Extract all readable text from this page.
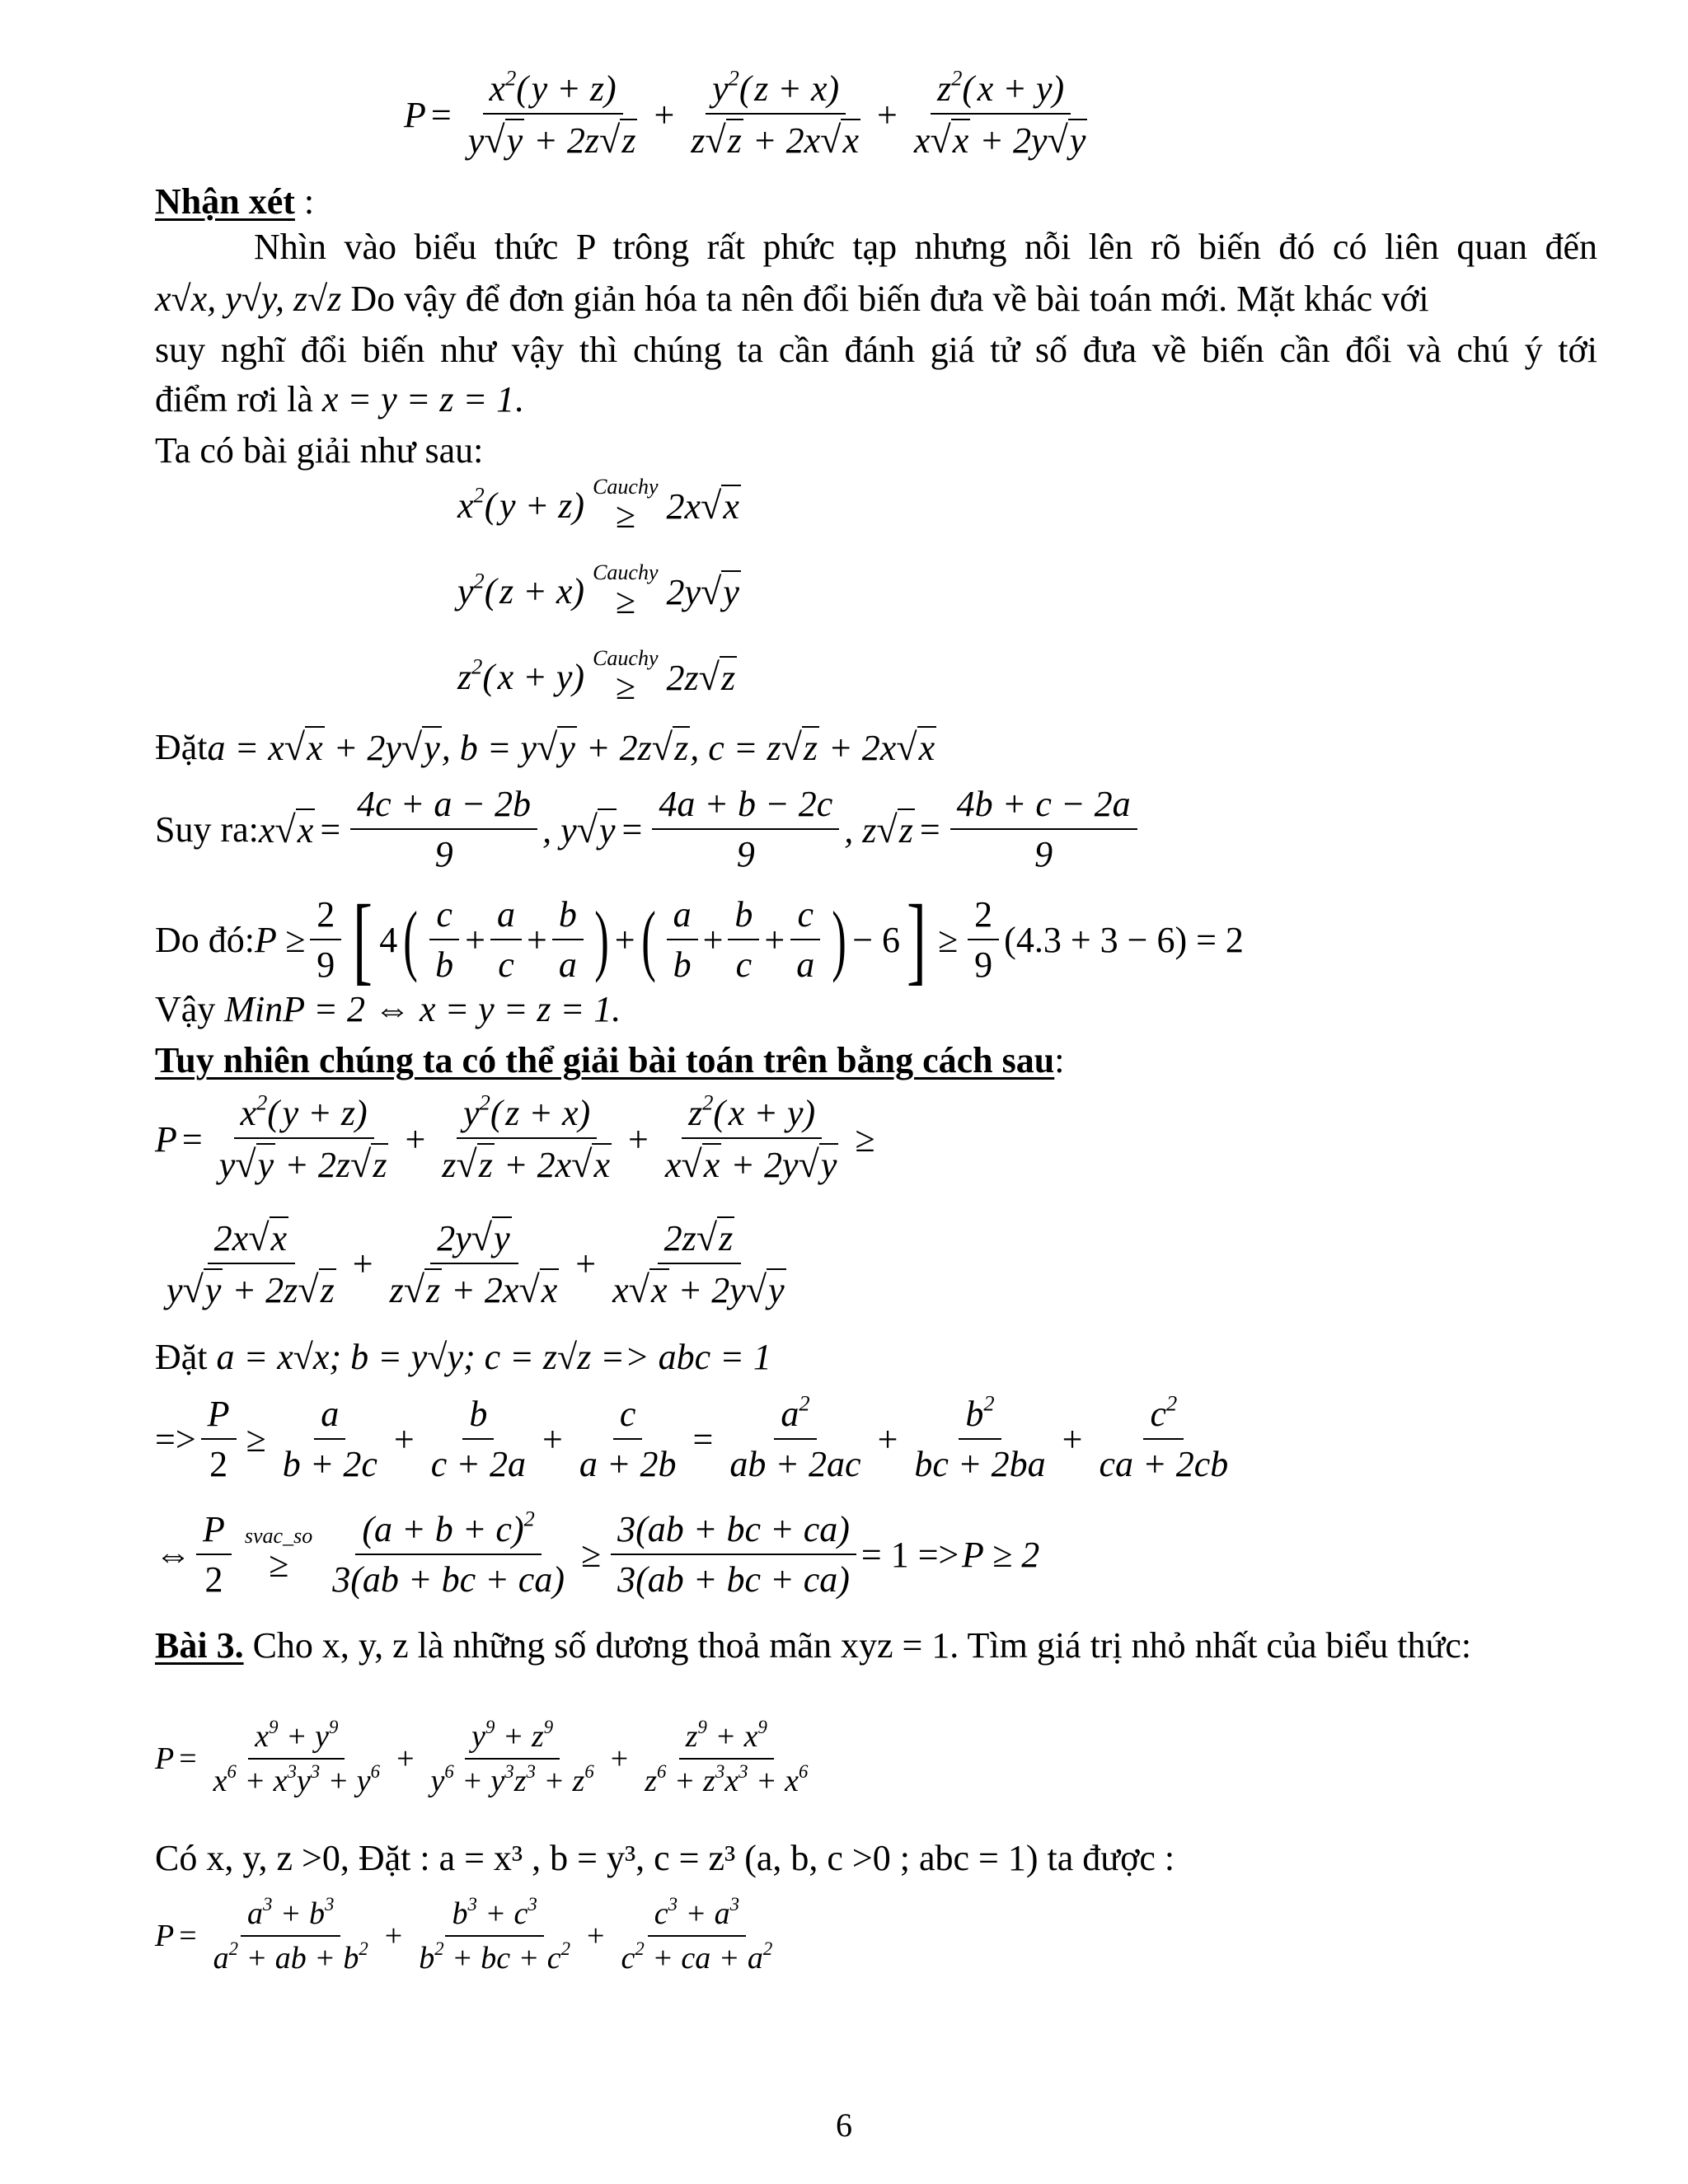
$P = \frac{x^2( y + z)}{y√y + 2z√z} + \frac{y^2( z + x)}{z√z + 2x√x} + \frac{z^2( x + y)}{x√x + 2y√y}$
Nhận xét :
Nhìn vào biểu thức P trông rất phức tạp nhưng nỗi lên rõ biến đó có liên quan đến
x√x, y√y, z√z Do vậy để đơn giản hóa ta nên đổi biến đưa về bài toán mới. Mặt khác với
suy nghĩ đổi biến như vậy thì chúng ta cần đánh giá tử số đưa về biến cần đổi và chú ý tới
điểm rơi là x = y = z = 1.
Ta có bài giải như sau:
$x^2$( y + z) Cauchy
≥ 2x√x
$y^2$( z + x) Cauchy
≥ 2y√y
$z^2$( x + y) Cauchy
≥ 2z√z
Đặt a = x√x + 2y√y, b = y√y + 2z√z, c = z√z + 2x√x
Suy ra: $x√x = \frac{4c + a - 2b}{9}$ , $y√y = \frac{4a + b - 2c}{9}$ , $z√z = \frac{4b + c - 2a}{9}$
Do đó: $P \ge \frac{2}{9}$ [ 4 ( $\frac{c}{b} + \frac{a}{c} + \frac{b}{a}$ ) + ( $\frac{a}{b} + \frac{b}{c} + \frac{c}{a}$ ) − 6 ] ≥ $\frac{2}{9} (4.3 + 3 - 6) = 2$
Vậy MinP = 2 ⇔ x = y = z = 1.
Tuy nhiên chúng ta có thể giải bài toán trên bằng cách sau:
$P = \frac{x^2( y + z)}{y√y + 2z√z} + \frac{y^2( z + x)}{z√z + 2x√x} + \frac{z^2( x + y)}{x√x + 2y√y}$ ≥
$\frac{2x√x}{y√y + 2z√z} + \frac{2y√y}{z√z + 2x√x} + \frac{2z√z}{x√x + 2y√y}$
Đặt a = x√x; b = y√y; c = z√z => abc = 1
=> $\frac{P}{2} \ge \frac{a}{b + 2c} + \frac{b}{c + 2a} + \frac{c}{a + 2b} = \frac{a^2}{ab + 2ac} + \frac{b^2}{bc + 2ba} + \frac{c^2}{ca + 2cb}$
⇔ $\frac{P}{2}$ svac_so
≥ $\frac{(a + b + c)^2}{3(ab + bc + ca)} \ge \frac{3(ab + bc + ca)}{3(ab + bc + ca)} = 1$ =>  P ≥ 2
Bài 3. Cho x, y, z là những số dương thoả mãn xyz = 1. Tìm giá trị nhỏ nhất của biểu thức:
$P = \frac{x^9 + y^9}{x^6 + x^3y^3 + y^6} + \frac{y^9 + z^9}{y^6 + y^3z^3 + z^6} + \frac{z^9 + x^9}{z^6 + z^3x^3 + x^6}$
Có x, y, z >0, Đặt : a = x³ , b = y³, c = z³ (a, b, c >0 ; abc = 1) ta được :
$P = \frac{a^3 + b^3}{a^2 + ab + b^2} + \frac{b^3 + c^3}{b^2 + bc + c^2} + \frac{c^3 + a^3}{c^2 + ca + a^2}$
6
